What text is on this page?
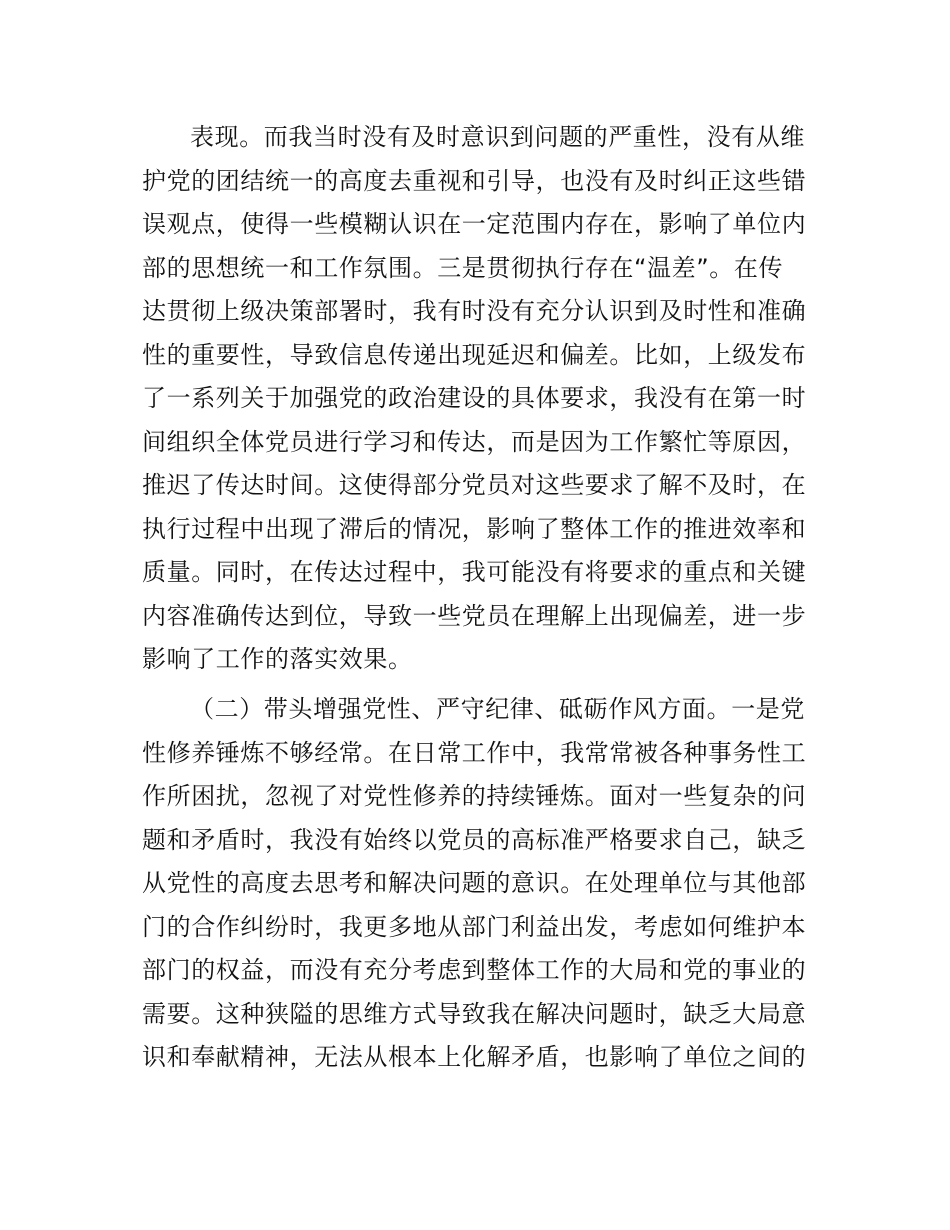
表现。而我当时没有及时意识到问题的严重性，没有从维
护党的团结统一的高度去重视和引导，也没有及时纠正这些错
误观点，使得一些模糊认识在一定范围内存在，影响了单位内
部的思想统一和工作氛围。三是贯彻执行存在“温差”。在传
达贯彻上级决策部署时，我有时没有充分认识到及时性和准确
性的重要性，导致信息传递出现延迟和偏差。比如，上级发布
了一系列关于加强党的政治建设的具体要求，我没有在第一时
间组织全体党员进行学习和传达，而是因为工作繁忙等原因，
推迟了传达时间。这使得部分党员对这些要求了解不及时，在
执行过程中出现了滞后的情况，影响了整体工作的推进效率和
质量。同时，在传达过程中，我可能没有将要求的重点和关键
内容准确传达到位，导致一些党员在理解上出现偏差，进一步
影响了工作的落实效果。
（二）带头增强党性、严守纪律、砥砺作风方面。一是党
性修养锤炼不够经常。在日常工作中，我常常被各种事务性工
作所困扰，忽视了对党性修养的持续锤炼。面对一些复杂的问
题和矛盾时，我没有始终以党员的高标准严格要求自己，缺乏
从党性的高度去思考和解决问题的意识。在处理单位与其他部
门的合作纠纷时，我更多地从部门利益出发，考虑如何维护本
部门的权益，而没有充分考虑到整体工作的大局和党的事业的
需要。这种狭隘的思维方式导致我在解决问题时，缺乏大局意
识和奉献精神，无法从根本上化解矛盾，也影响了单位之间的
